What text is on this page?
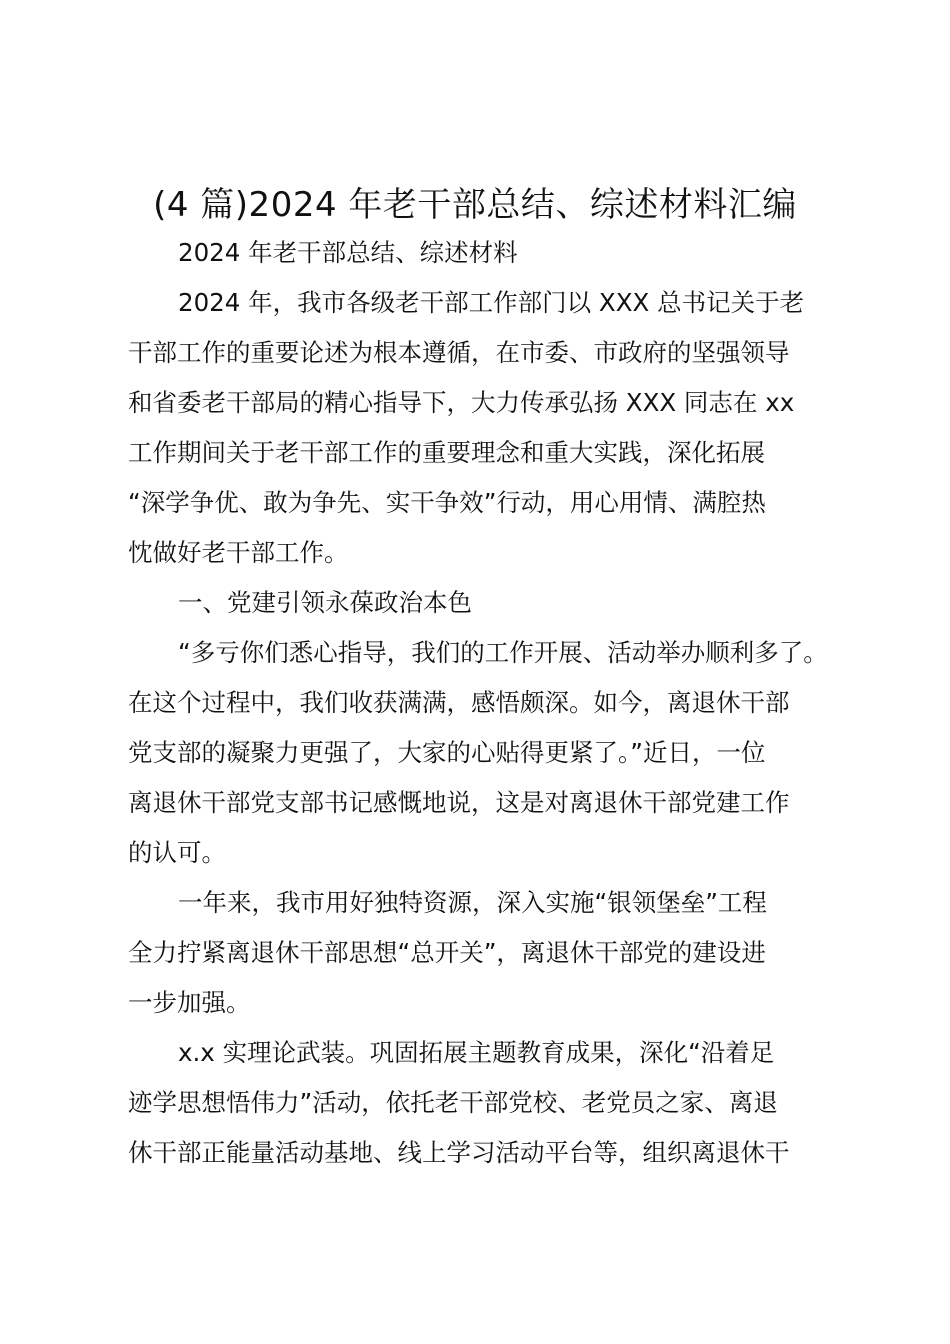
(4 篇)2024 年老干部总结、综述材料汇编
2024 年老干部总结、综述材料
2024 年，我市各级老干部工作部门以 XXX 总书记关于老
干部工作的重要论述为根本遵循，在市委、市政府的坚强领导
和省委老干部局的精心指导下，大力传承弘扬 XXX 同志在 xx
工作期间关于老干部工作的重要理念和重大实践，深化拓展
“深学争优、敢为争先、实干争效”行动，用心用情、满腔热
忱做好老干部工作。
一、党建引领永葆政治本色
“多亏你们悉心指导，我们的工作开展、活动举办顺利多了。
在这个过程中，我们收获满满，感悟颇深。如今，离退休干部
党支部的凝聚力更强了，大家的心贴得更紧了。”近日，一位
离退休干部党支部书记感慨地说，这是对离退休干部党建工作
的认可。
一年来，我市用好独特资源，深入实施“银领堡垒”工程
全力拧紧离退休干部思想“总开关”，离退休干部党的建设进
一步加强。
x.x 实理论武装。巩固拓展主题教育成果，深化“沿着足
迹学思想悟伟力”活动，依托老干部党校、老党员之家、离退
休干部正能量活动基地、线上学习活动平台等，组织离退休干
